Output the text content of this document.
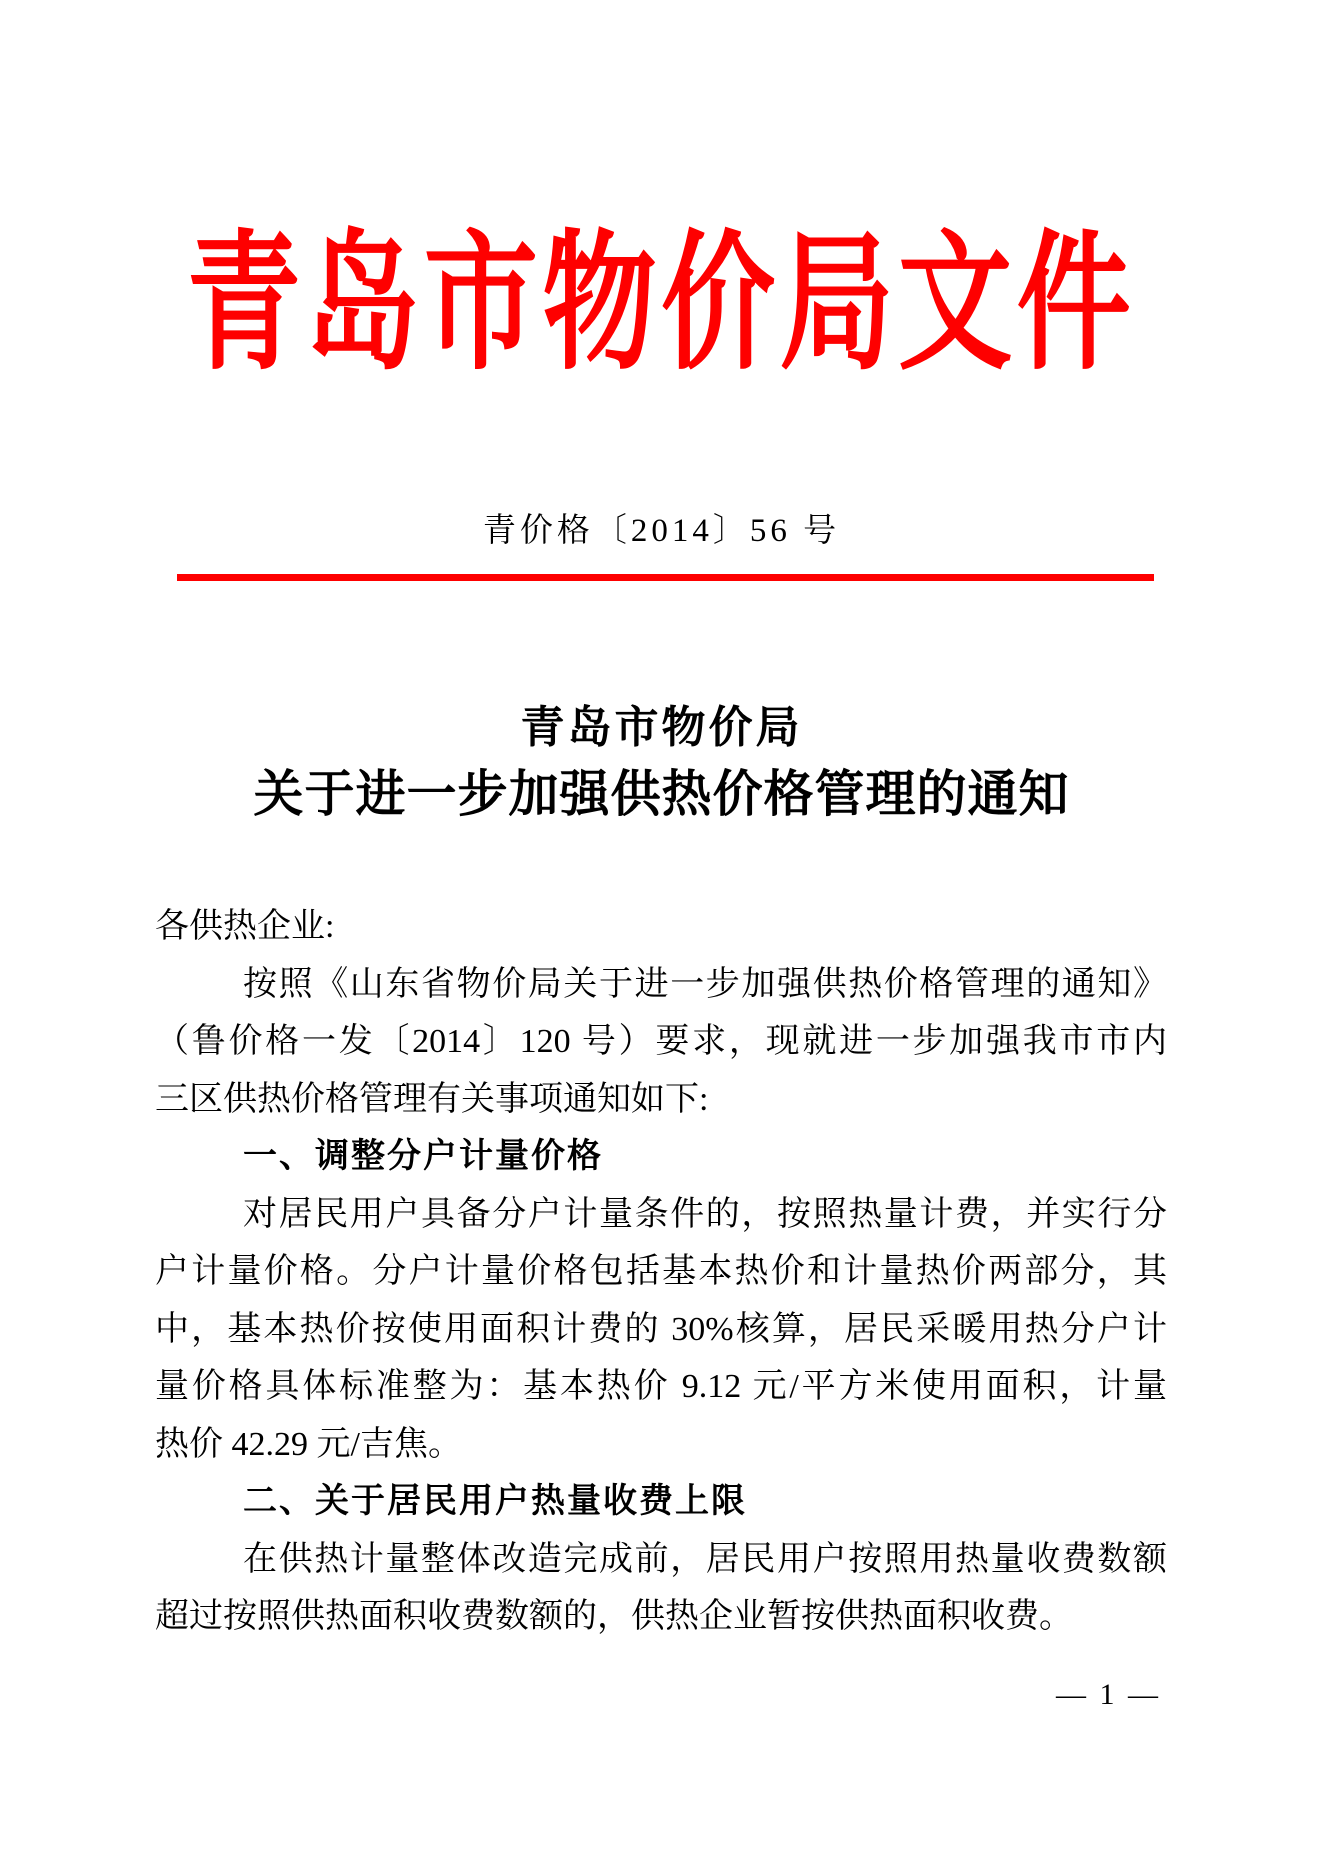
青岛市物价局文件
青价格〔2014〕56 号
青岛市物价局
关于进一步加强供热价格管理的通知
各供热企业:
按照《山东省物价局关于进一步加强供热价格管理的通知》
（鲁价格一发〔2014〕120 号）要求，现就进一步加强我市市内
三区供热价格管理有关事项通知如下:
一、调整分户计量价格
对居民用户具备分户计量条件的，按照热量计费，并实行分
户计量价格。分户计量价格包括基本热价和计量热价两部分，其
中，基本热价按使用面积计费的 30%核算，居民采暖用热分户计
量价格具体标准整为：基本热价 9.12 元/平方米使用面积，计量
热价 42.29 元/吉焦。
二、关于居民用户热量收费上限
在供热计量整体改造完成前，居民用户按照用热量收费数额
超过按照供热面积收费数额的，供热企业暂按供热面积收费。
— 1 —
